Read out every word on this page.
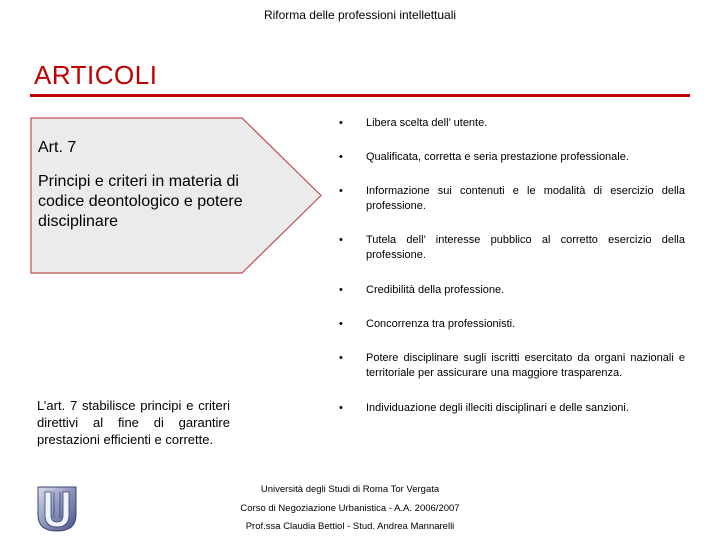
Riforma delle professioni intellettuali
ARTICOLI
Art. 7
Principi e criteri in materia di codice deontologico e potere disciplinare
L’art. 7 stabilisce principi e criteri direttivi al fine di garantire prestazioni efficienti e corrette.
• Libera scelta dell’ utente.
• Qualificata, corretta e seria prestazione professionale.
• Informazione sui contenuti e le modalità di esercizio della professione.
• Tutela dell’ interesse pubblico al corretto esercizio della professione.
• Credibilità della professione.
• Concorrenza tra professionisti.
• Potere disciplinare sugli iscritti esercitato da organi nazionali e territoriale per assicurare una maggiore trasparenza.
• Individuazione degli illeciti disciplinari e delle sanzioni.
Università degli Studi di Roma Tor Vergata
Corso di Negoziazione Urbanistica - A.A. 2006/2007
Prof.ssa Claudia Bettiol - Stud. Andrea Mannarelli
